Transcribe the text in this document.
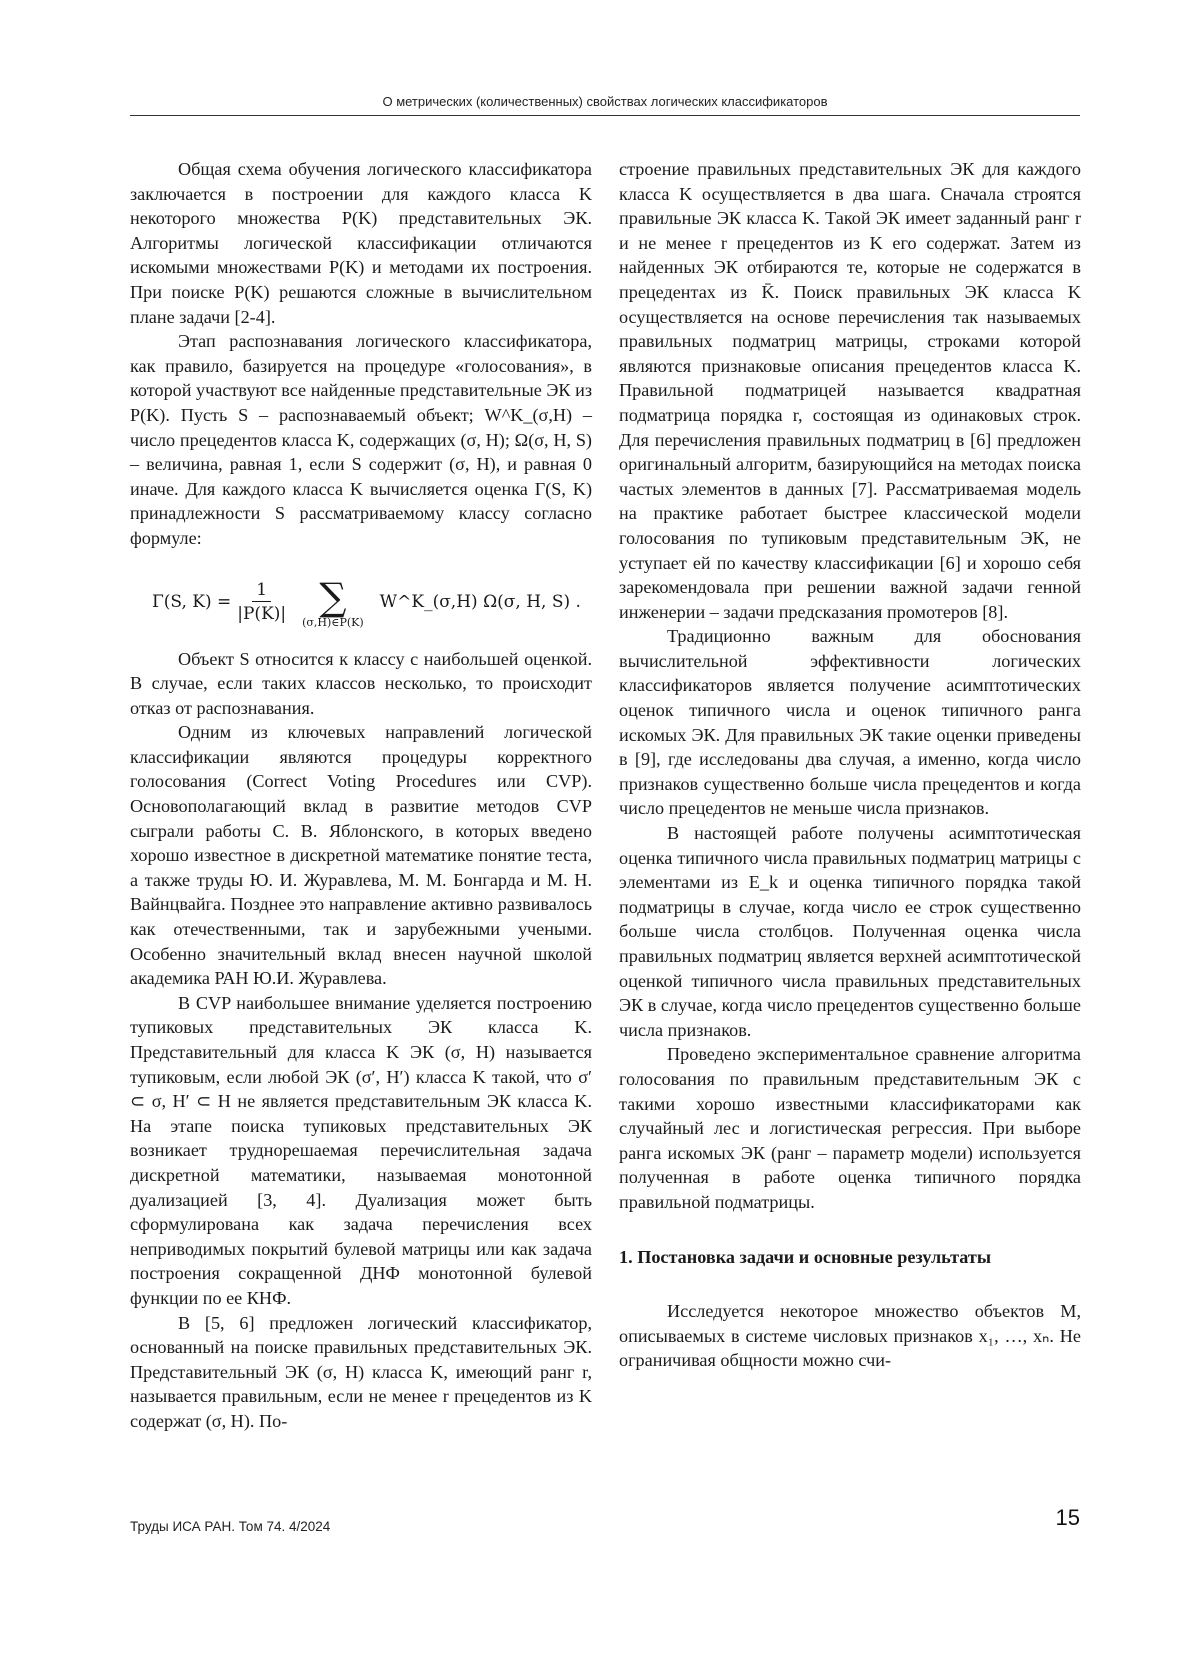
О метрических (количественных) свойствах логических классификаторов

Общая схема обучения логического классификатора заключается в построении для каждого класса K некоторого множества P(K) представительных ЭК. Алгоритмы логической классификации отличаются искомыми множествами P(K) и методами их построения. При поиске P(K) решаются сложные в вычислительном плане задачи [2-4].

Этап распознавания логического классификатора, как правило, базируется на процедуре «голосования», в которой участвуют все найденные представительные ЭК из P(K). Пусть S – распознаваемый объект; W^K_(σ,H) – число прецедентов класса K, содержащих (σ, H); Ω(σ, H, S) – величина, равная 1, если S содержит (σ, H), и равная 0 иначе. Для каждого класса K вычисляется оценка Γ(S, K) принадлежности S рассматриваемому классу согласно формуле:

Γ(S, $K) = \frac{1}{|P(K)|}$ ∑
(σ,H)∈P(K)
W^K_(σ,H) Ω(σ, H, S) .

Объект S относится к классу с наибольшей оценкой. В случае, если таких классов несколько, то происходит отказ от распознавания.

Одним из ключевых направлений логической классификации являются процедуры корректного голосования (Correct Voting Procedures или CVP). Основополагающий вклад в развитие методов CVP сыграли работы С. В. Яблонского, в которых введено хорошо известное в дискретной математике понятие теста, а также труды Ю. И. Журавлева, М. М. Бонгарда и М. Н. Вайнцвайга. Позднее это направление активно развивалось как отечественными, так и зарубежными учеными. Особенно значительный вклад внесен научной школой академика РАН Ю.И. Журавлева.

В CVP наибольшее внимание уделяется построению тупиковых представительных ЭК класса K. Представительный для класса K ЭК (σ, H) называется тупиковым, если любой ЭК (σ′, H′) класса K такой, что σ′ ⊂ σ, H′ ⊂ H не является представительным ЭК класса K. На этапе поиска тупиковых представительных ЭК возникает труднорешаемая перечислительная задача дискретной математики, называемая монотонной дуализацией [3, 4]. Дуализация может быть сформулирована как задача перечисления всех неприводимых покрытий булевой матрицы или как задача построения сокращенной ДНФ монотонной булевой функции по ее КНФ.

В [5, 6] предложен логический классификатор, основанный на поиске правильных представительных ЭК. Представительный ЭК (σ, H) класса K, имеющий ранг r, называется правильным, если не менее r прецедентов из K содержат (σ, H). По-

строение правильных представительных ЭК для каждого класса K осуществляется в два шага. Сначала строятся правильные ЭК класса K. Такой ЭК имеет заданный ранг r и не менее r прецедентов из K его содержат. Затем из найденных ЭК отбираются те, которые не содержатся в прецедентах из K̄. Поиск правильных ЭК класса K осуществляется на основе перечисления так называемых правильных подматриц матрицы, строками которой являются признаковые описания прецедентов класса K. Правильной подматрицей называется квадратная подматрица порядка r, состоящая из одинаковых строк. Для перечисления правильных подматриц в [6] предложен оригинальный алгоритм, базирующийся на методах поиска частых элементов в данных [7]. Рассматриваемая модель на практике работает быстрее классической модели голосования по тупиковым представительным ЭК, не уступает ей по качеству классификации [6] и хорошо себя зарекомендовала при решении важной задачи генной инженерии – задачи предсказания промотеров [8].

Традиционно важным для обоснования вычислительной эффективности логических классификаторов является получение асимптотических оценок типичного числа и оценок типичного ранга искомых ЭК. Для правильных ЭК такие оценки приведены в [9], где исследованы два случая, а именно, когда число признаков существенно больше числа прецедентов и когда число прецедентов не меньше числа признаков.

В настоящей работе получены асимптотическая оценка типичного числа правильных подматриц матрицы с элементами из E_k и оценка типичного порядка такой подматрицы в случае, когда число ее строк существенно больше числа столбцов. Полученная оценка числа правильных подматриц является верхней асимптотической оценкой типичного числа правильных представительных ЭК в случае, когда число прецедентов существенно больше числа признаков.

Проведено экспериментальное сравнение алгоритма голосования по правильным представительным ЭК с такими хорошо известными классификаторами как случайный лес и логистическая регрессия. При выборе ранга искомых ЭК (ранг – параметр модели) используется полученная в работе оценка типичного порядка правильной подматрицы.

1. Постановка задачи и основные результаты

Исследуется некоторое множество объектов M, описываемых в системе числовых признаков x₁, …, xₙ. Не ограничивая общности можно счи-

Труды ИСА РАН. Том 74. 4/2024	15
